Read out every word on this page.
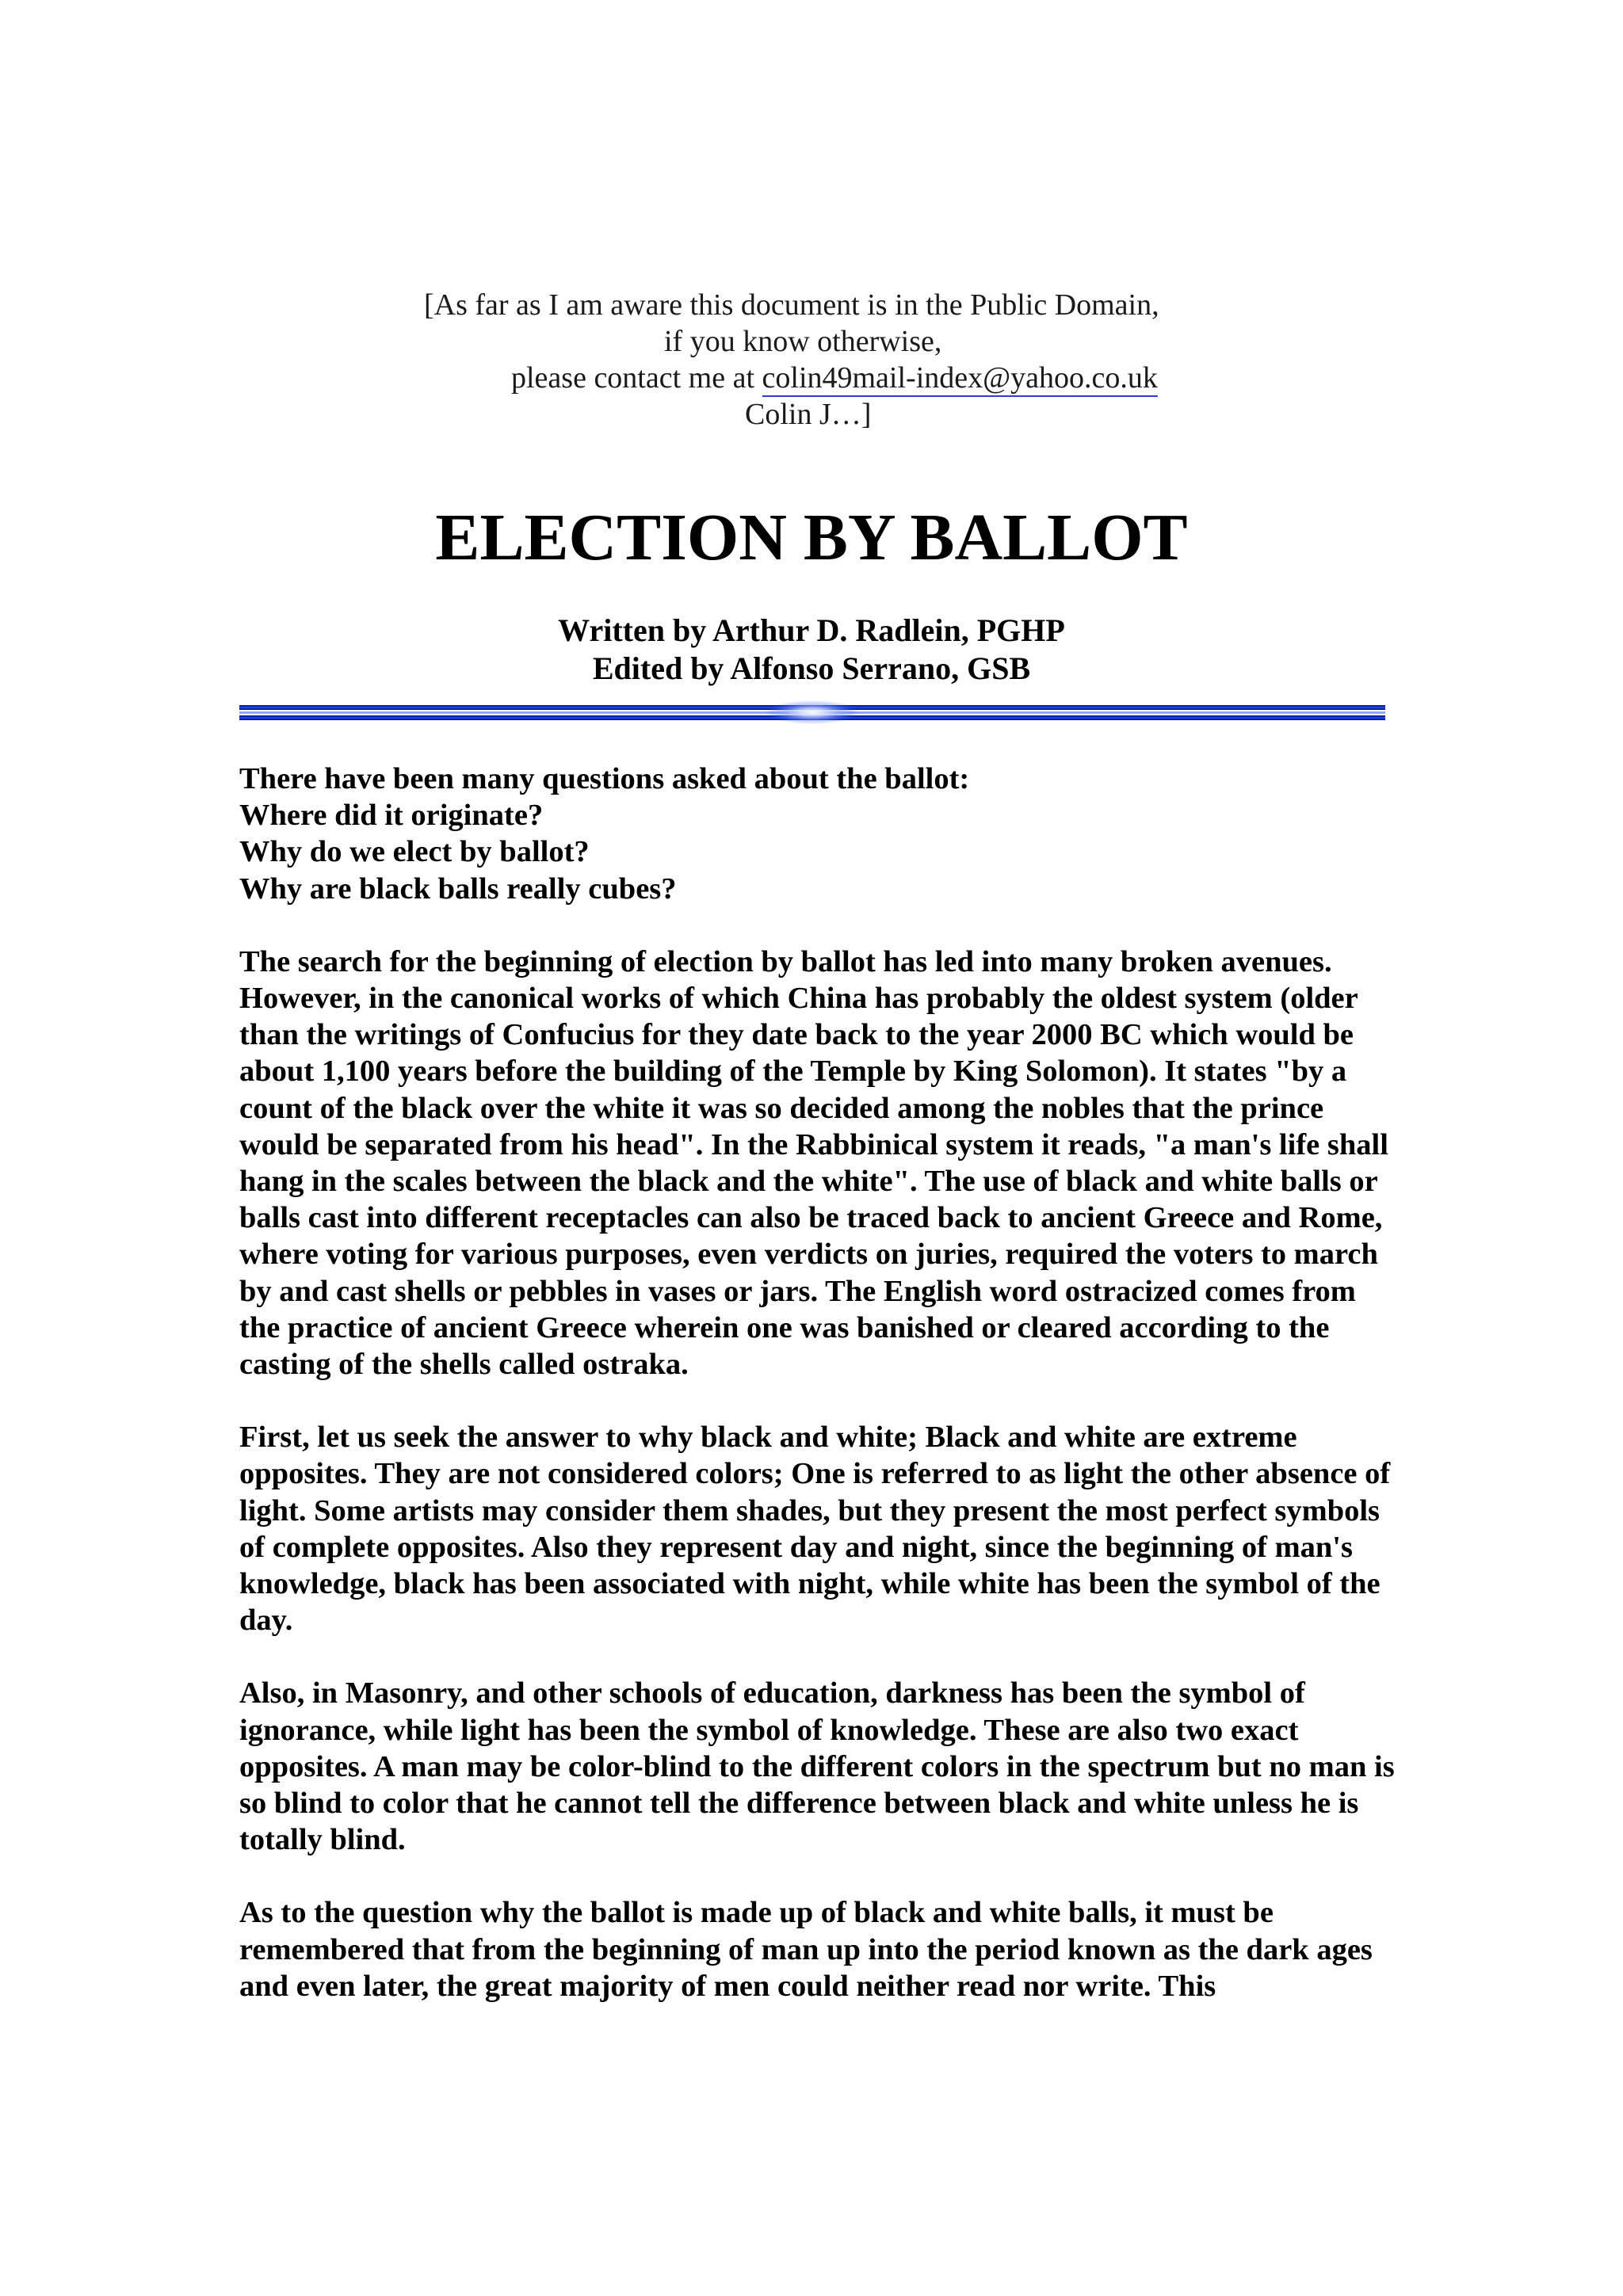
[As far as I am aware this document is in the Public Domain,
if you know otherwise,
please contact me at colin49mail-index@yahoo.co.uk
Colin J…]
ELECTION BY BALLOT
Written by Arthur D. Radlein, PGHP
Edited by Alfonso Serrano, GSB
There have been many questions asked about the ballot:
Where did it originate?
Why do we elect by ballot?
Why are black balls really cubes?

The search for the beginning of election by ballot has led into many broken avenues. However, in the canonical works of which China has probably the oldest system (older than the writings of Confucius for they date back to the year 2000 BC which would be about 1,100 years before the building of the Temple by King Solomon). It states "by a count of the black over the white it was so decided among the nobles that the prince would be separated from his head". In the Rabbinical system it reads, "a man's life shall hang in the scales between the black and the white". The use of black and white balls or balls cast into different receptacles can also be traced back to ancient Greece and Rome, where voting for various purposes, even verdicts on juries, required the voters to march by and cast shells or pebbles in vases or jars. The English word ostracized comes from the practice of ancient Greece wherein one was banished or cleared according to the casting of the shells called ostraka.

First, let us seek the answer to why black and white; Black and white are extreme opposites. They are not considered colors; One is referred to as light the other absence of light. Some artists may consider them shades, but they present the most perfect symbols of complete opposites. Also they represent day and night, since the beginning of man's knowledge, black has been associated with night, while white has been the symbol of the day.

Also, in Masonry, and other schools of education, darkness has been the symbol of ignorance, while light has been the symbol of knowledge. These are also two exact opposites. A man may be color-blind to the different colors in the spectrum but no man is so blind to color that he cannot tell the difference between black and white unless he is totally blind.

As to the question why the ballot is made up of black and white balls, it must be remembered that from the beginning of man up into the period known as the dark ages and even later, the great majority of men could neither read nor write. This
